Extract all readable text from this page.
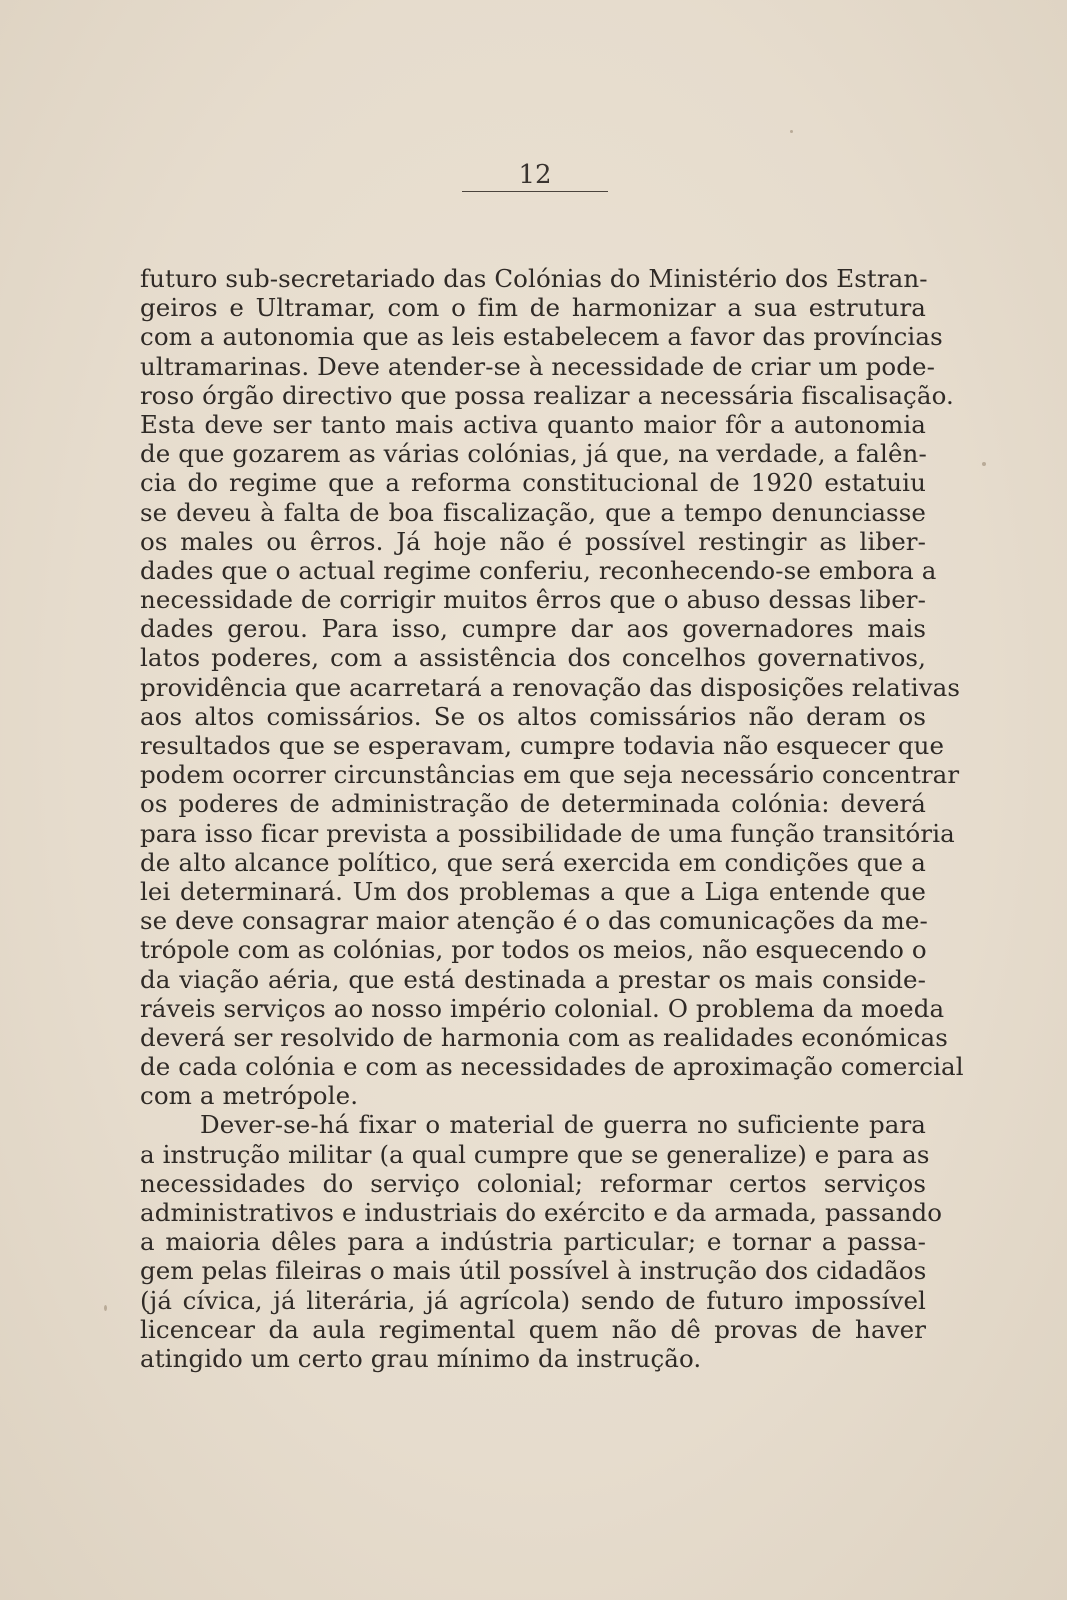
12
futuro sub-secretariado das Colónias do Ministério dos Estran-
geiros e Ultramar, com o fim de harmonizar a sua estrutura
com a autonomia que as leis estabelecem a favor das províncias
ultramarinas. Deve atender-se à necessidade de criar um pode-
roso órgão directivo que possa realizar a necessária fiscalisação.
Esta deve ser tanto mais activa quanto maior fôr a autonomia
de que gozarem as várias colónias, já que, na verdade, a falên-
cia do regime que a reforma constitucional de 1920 estatuiu
se deveu à falta de boa fiscalização, que a tempo denunciasse
os males ou êrros. Já hoje não é possível restingir as liber-
dades que o actual regime conferiu, reconhecendo-se embora a
necessidade de corrigir muitos êrros que o abuso dessas liber-
dades gerou. Para isso, cumpre dar aos governadores mais
latos poderes, com a assistência dos concelhos governativos,
providência que acarretará a renovação das disposições relativas
aos altos comissários. Se os altos comissários não deram os
resultados que se esperavam, cumpre todavia não esquecer que
podem ocorrer circunstâncias em que seja necessário concentrar
os poderes de administração de determinada colónia: deverá
para isso ficar prevista a possibilidade de uma função transitória
de alto alcance político, que será exercida em condições que a
lei determinará. Um dos problemas a que a Liga entende que
se deve consagrar maior atenção é o das comunicações da me-
trópole com as colónias, por todos os meios, não esquecendo o
da viação aéria, que está destinada a prestar os mais conside-
ráveis serviços ao nosso império colonial. O problema da moeda
deverá ser resolvido de harmonia com as realidades económicas
de cada colónia e com as necessidades de aproximação comercial
com a metrópole.
Dever-se-há fixar o material de guerra no suficiente para
a instrução militar (a qual cumpre que se generalize) e para as
necessidades do serviço colonial; reformar certos serviços
administrativos e industriais do exército e da armada, passando
a maioria dêles para a indústria particular; e tornar a passa-
gem pelas fileiras o mais útil possível à instrução dos cidadãos
(já cívica, já literária, já agrícola) sendo de futuro impossível
licencear da aula regimental quem não dê provas de haver
atingido um certo grau mínimo da instrução.
